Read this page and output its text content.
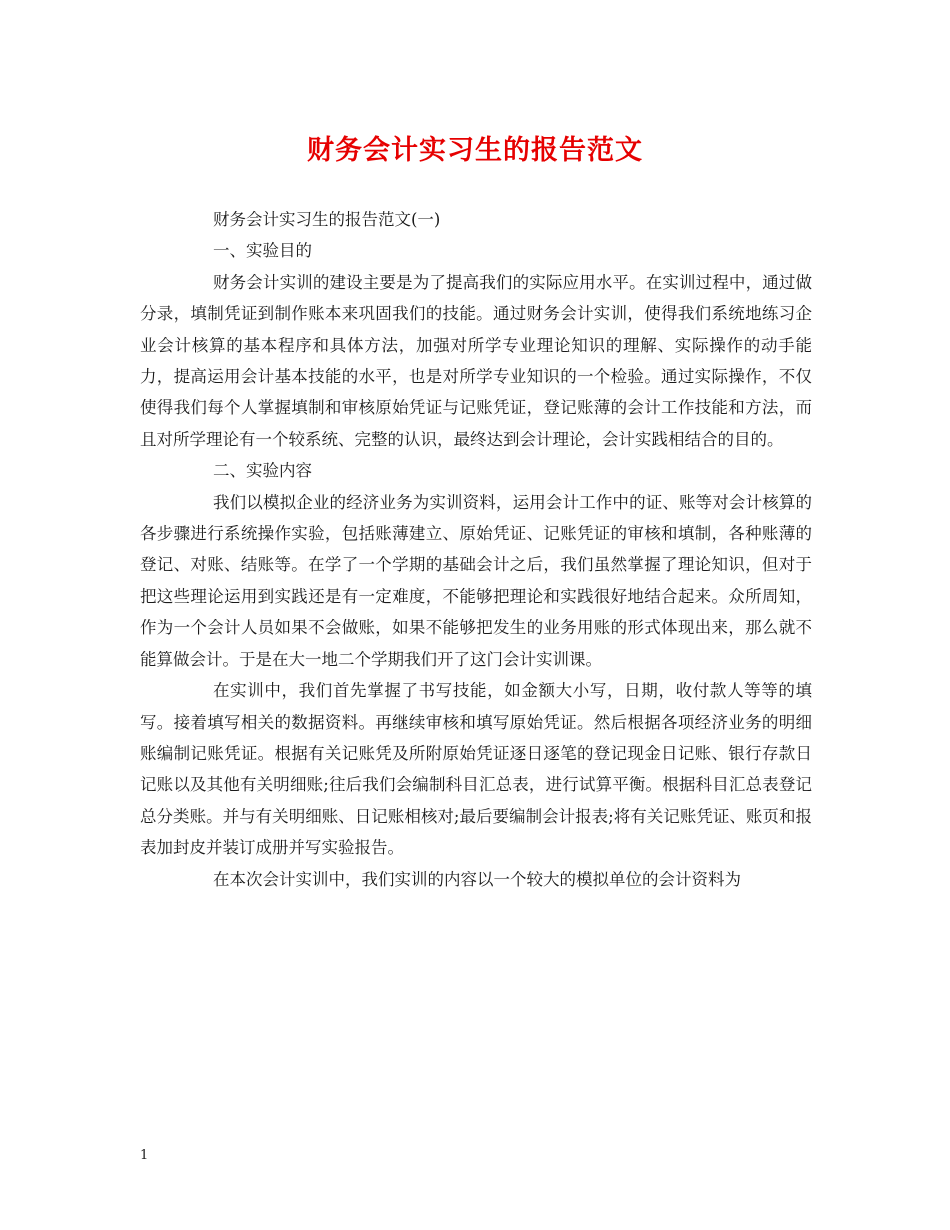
财务会计实习生的报告范文

财务会计实习生的报告范文(一)

一、实验目的

财务会计实训的建设主要是为了提高我们的实际应用水平。在实训过程中，通过做分录，填制凭证到制作账本来巩固我们的技能。通过财务会计实训，使得我们系统地练习企业会计核算的基本程序和具体方法，加强对所学专业理论知识的理解、实际操作的动手能力，提高运用会计基本技能的水平，也是对所学专业知识的一个检验。通过实际操作，不仅使得我们每个人掌握填制和审核原始凭证与记账凭证，登记账薄的会计工作技能和方法，而且对所学理论有一个较系统、完整的认识，最终达到会计理论，会计实践相结合的目的。

二、实验内容

我们以模拟企业的经济业务为实训资料，运用会计工作中的证、账等对会计核算的各步骤进行系统操作实验，包括账薄建立、原始凭证、记账凭证的审核和填制，各种账薄的登记、对账、结账等。在学了一个学期的基础会计之后，我们虽然掌握了理论知识，但对于把这些理论运用到实践还是有一定难度，不能够把理论和实践很好地结合起来。众所周知，作为一个会计人员如果不会做账，如果不能够把发生的业务用账的形式体现出来，那么就不能算做会计。于是在大一地二个学期我们开了这门会计实训课。

在实训中，我们首先掌握了书写技能，如金额大小写，日期，收付款人等等的填写。接着填写相关的数据资料。再继续审核和填写原始凭证。然后根据各项经济业务的明细账编制记账凭证。根据有关记账凭及所附原始凭证逐日逐笔的登记现金日记账、银行存款日记账以及其他有关明细账;往后我们会编制科目汇总表，进行试算平衡。根据科目汇总表登记总分类账。并与有关明细账、日记账相核对;最后要编制会计报表;将有关记账凭证、账页和报表加封皮并装订成册并写实验报告。

在本次会计实训中，我们实训的内容以一个较大的模拟单位的会计资料为

1
